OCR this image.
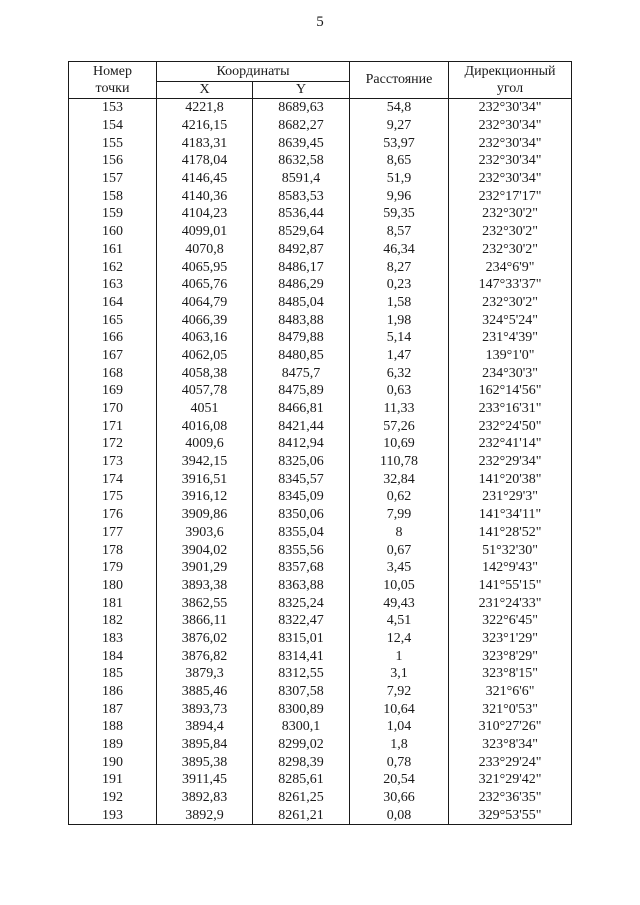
5
Номер
точки	Координаты		Расстояние	Дирекционный
угол

	X	Y		
153	4221,8	8689,63	54,8	232°30'34"
154	4216,15	8682,27	9,27	232°30'34"
155	4183,31	8639,45	53,97	232°30'34"
156	4178,04	8632,58	8,65	232°30'34"
157	4146,45	8591,4	51,9	232°30'34"
158	4140,36	8583,53	9,96	232°17'17"
159	4104,23	8536,44	59,35	232°30'2"
160	4099,01	8529,64	8,57	232°30'2"
161	4070,8	8492,87	46,34	232°30'2"
162	4065,95	8486,17	8,27	234°6'9"
163	4065,76	8486,29	0,23	147°33'37"
164	4064,79	8485,04	1,58	232°30'2"
165	4066,39	8483,88	1,98	324°5'24"
166	4063,16	8479,88	5,14	231°4'39"
167	4062,05	8480,85	1,47	139°1'0"
168	4058,38	8475,7	6,32	234°30'3"
169	4057,78	8475,89	0,63	162°14'56"
170	4051	8466,81	11,33	233°16'31"
171	4016,08	8421,44	57,26	232°24'50"
172	4009,6	8412,94	10,69	232°41'14"
173	3942,15	8325,06	110,78	232°29'34"
174	3916,51	8345,57	32,84	141°20'38"
175	3916,12	8345,09	0,62	231°29'3"
176	3909,86	8350,06	7,99	141°34'11"
177	3903,6	8355,04	8	141°28'52"
178	3904,02	8355,56	0,67	51°32'30"
179	3901,29	8357,68	3,45	142°9'43"
180	3893,38	8363,88	10,05	141°55'15"
181	3862,55	8325,24	49,43	231°24'33"
182	3866,11	8322,47	4,51	322°6'45"
183	3876,02	8315,01	12,4	323°1'29"
184	3876,82	8314,41	1	323°8'29"
185	3879,3	8312,55	3,1	323°8'15"
186	3885,46	8307,58	7,92	321°6'6"
187	3893,73	8300,89	10,64	321°0'53"
188	3894,4	8300,1	1,04	310°27'26"
189	3895,84	8299,02	1,8	323°8'34"
190	3895,38	8298,39	0,78	233°29'24"
191	3911,45	8285,61	20,54	321°29'42"
192	3892,83	8261,25	30,66	232°36'35"
193	3892,9	8261,21	0,08	329°53'55"
